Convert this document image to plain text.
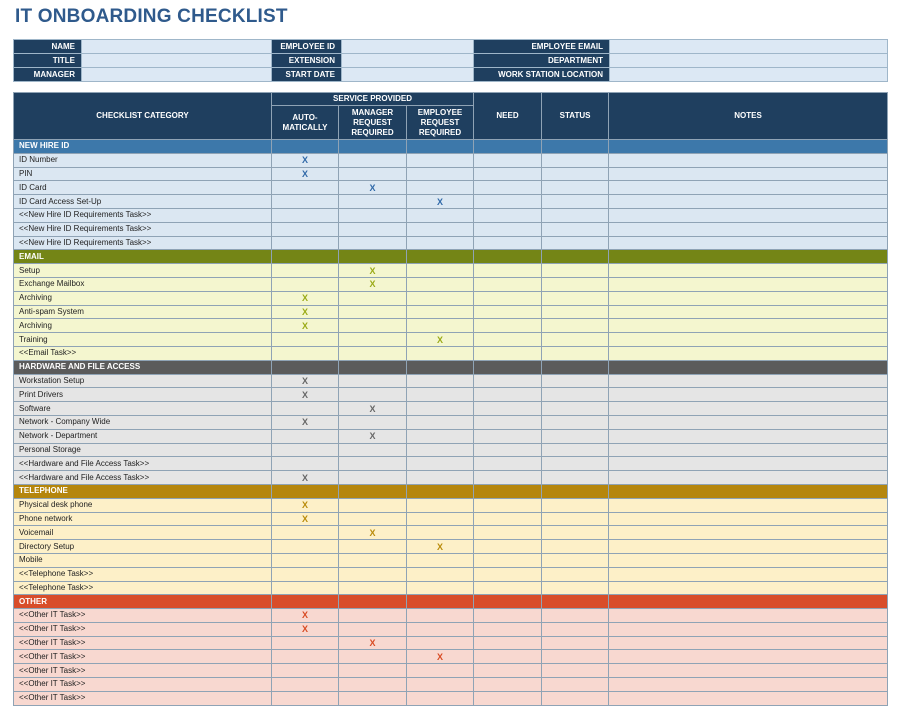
IT ONBOARDING CHECKLIST
NAME		EMPLOYEE ID		EMPLOYEE EMAIL	
TITLE		EXTENSION		DEPARTMENT	
MANAGER		START DATE		WORK STATION LOCATION	
CHECKLIST CATEGORY	SERVICE PROVIDED			NEED	STATUS	NOTES
	AUTO-MATICALLY	MANAGER REQUEST REQUIRED	EMPLOYEE REQUEST REQUIRED			
NEW HIRE ID						
ID Number	X					
PIN	X					
ID Card		X				
ID Card Access Set-Up			X			
<<New Hire ID Requirements Task>>						
<<New Hire ID Requirements Task>>						
<<New Hire ID Requirements Task>>						
EMAIL						
Setup		X				
Exchange Mailbox		X				
Archiving	X					
Anti-spam System	X					
Archiving	X					
Training			X			
<<Email Task>>						
HARDWARE AND FILE ACCESS						
Workstation Setup	X					
Print Drivers	X					
Software		X				
Network - Company Wide	X					
Network - Department		X				
Personal Storage						
<<Hardware and File Access Task>>						
<<Hardware and File Access Task>>	X					
TELEPHONE						
Physical desk phone	X					
Phone network	X					
Voicemail		X				
Directory Setup			X			
Mobile						
<<Telephone Task>>						
<<Telephone Task>>						
OTHER						
<<Other IT Task>>	X					
<<Other IT Task>>	X					
<<Other IT Task>>		X				
<<Other IT Task>>			X			
<<Other IT Task>>						
<<Other IT Task>>						
<<Other IT Task>>						
